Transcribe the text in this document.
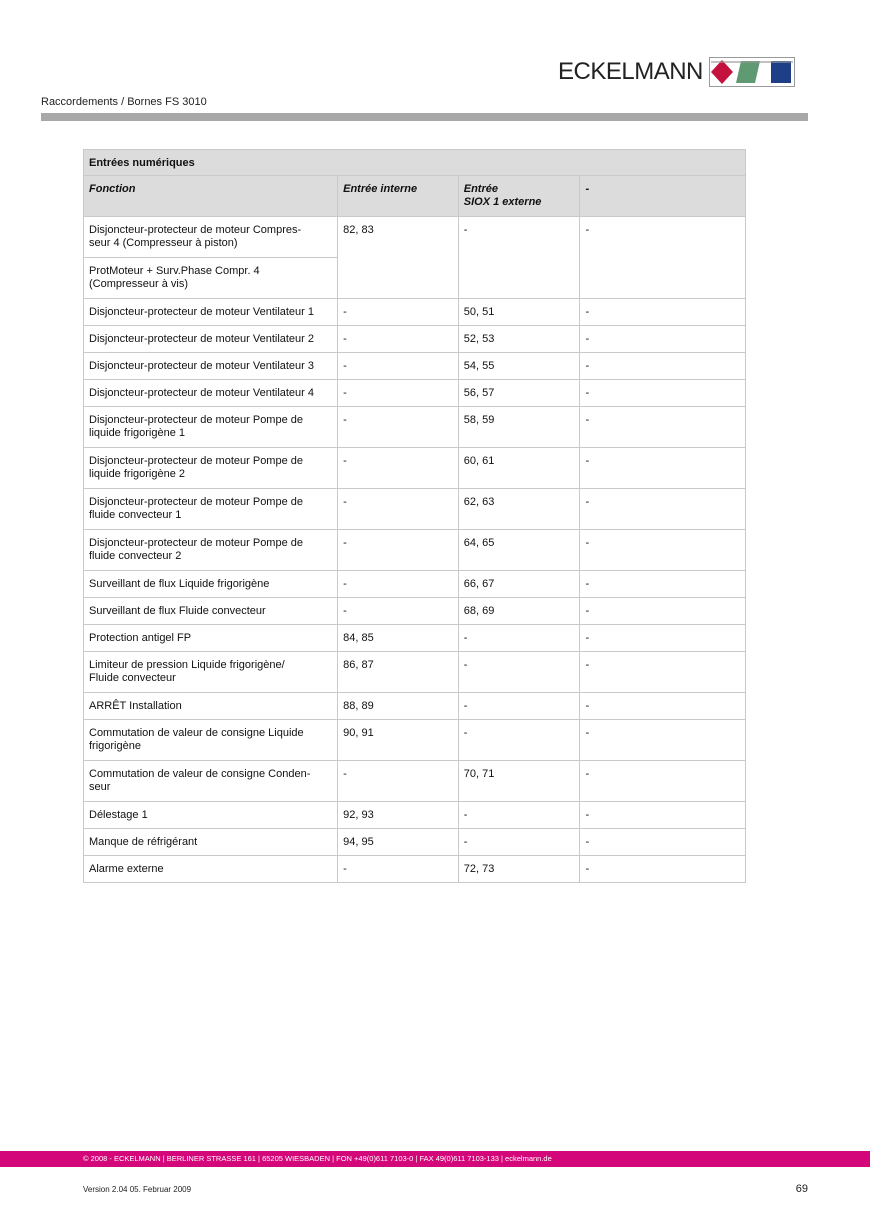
ECKELMANN
Raccordements / Bornes FS 3010
Entrées numériques			
Fonction	Entrée interne	Entrée
SIOX 1 externe	-
Disjoncteur-protecteur de moteur Compres-
seur 4 (Compresseur à piston)	82, 83	-	-
ProtMoteur + Surv.Phase Compr. 4
(Compresseur à vis)			
Disjoncteur-protecteur de moteur Ventilateur 1	-	50, 51	-
Disjoncteur-protecteur de moteur Ventilateur 2	-	52, 53	-
Disjoncteur-protecteur de moteur Ventilateur 3	-	54, 55	-
Disjoncteur-protecteur de moteur Ventilateur 4	-	56, 57	-
Disjoncteur-protecteur de moteur Pompe de
liquide frigorigène 1	-	58, 59	-
Disjoncteur-protecteur de moteur Pompe de
liquide frigorigène 2	-	60, 61	-
Disjoncteur-protecteur de moteur Pompe de
fluide convecteur 1	-	62, 63	-
Disjoncteur-protecteur de moteur Pompe de
fluide convecteur 2	-	64, 65	-
Surveillant de flux Liquide frigorigène	-	66, 67	-
Surveillant de flux Fluide convecteur	-	68, 69	-
Protection antigel FP	84, 85	-	-
Limiteur de pression Liquide frigorigène/
Fluide convecteur	86, 87	-	-
ARRÊT Installation	88, 89	-	-
Commutation de valeur de consigne Liquide
frigorigène	90, 91	-	-
Commutation de valeur de consigne Conden-
seur	-	70, 71	-
Délestage 1	92, 93	-	-
Manque de réfrigérant	94, 95	-	-
Alarme externe	-	72, 73	-
© 2008 - ECKELMANN | BERLINER STRASSE 161 | 65205 WIESBADEN | FON +49(0)611 7103-0 | FAX 49(0)611 7103-133 | eckelmann.de
Version 2.04 05. Februar 2009	69
